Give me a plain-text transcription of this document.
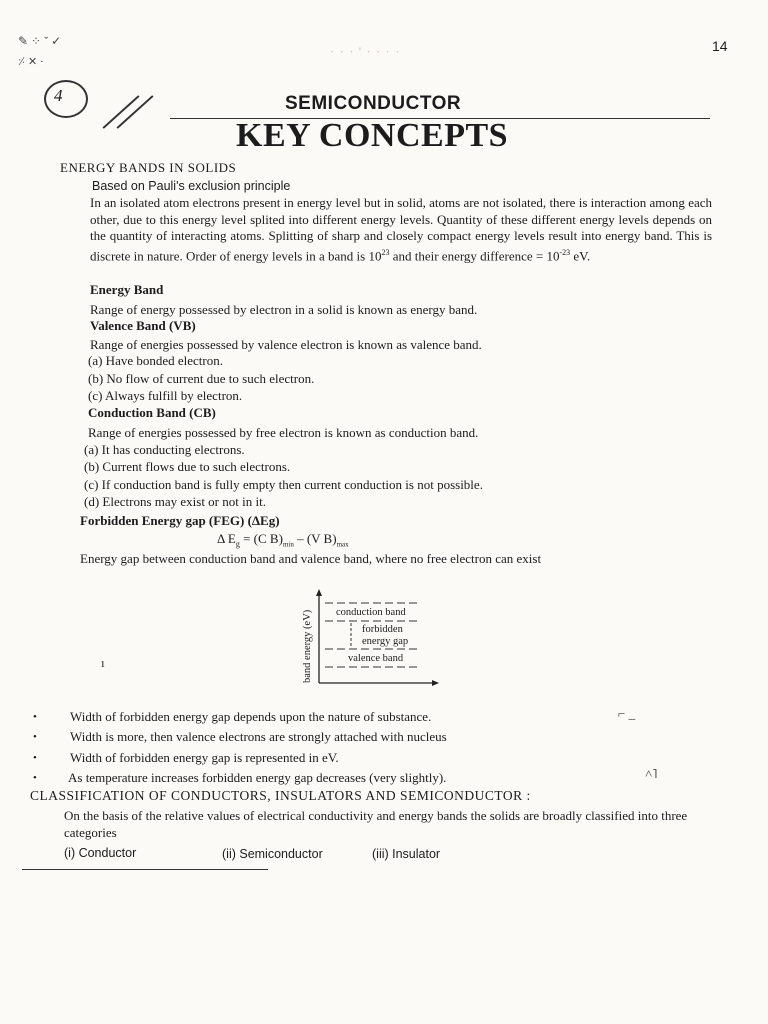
14
✎ ⁘ ˇ ✓
⸓ ✕ ·
4
· · · ' · · · ·
SEMICONDUCTOR
KEY CONCEPTS
ENERGY BANDS IN SOLIDS
Based on Pauli's exclusion principle
In an isolated atom electrons present in energy level but in solid, atoms are not isolated, there is interaction among each other, due to this energy level splited into different energy levels. Quantity of these different energy levels depends on the quantity of interacting atoms. Splitting of sharp and closely compact energy levels result into energy band. This is discrete in nature. Order of energy levels in a band is $10^{23}$ and their energy difference = $10^{-23}$ eV.
Energy Band
Range of energy possessed by electron in a solid is known as energy band.
Valence Band (VB)
Range of energies possessed by valence electron is known as valence band.
(a) Have bonded electron.
(b) No flow of current due to such electron.
(c) Always fulfill by electron.
Conduction Band (CB)
Range of energies possessed by free electron is known as conduction band.
(a) It has conducting electrons.
(b) Current flows due to such electrons.
(c) If conduction band is fully empty then current conduction is not possible.
(d) Electrons may exist or not in it.
Forbidden Energy gap (FEG) (ΔEg)
Δ $E_g = (C$ $B)_{min} - (V$ $B)_{max}$
Energy gap between conduction band and valence band, where no free electron can exist
band energy (eV) conduction band
forbidden
energy gap
valence band
ı
•	Width of forbidden energy gap depends upon the nature of substance.
•	Width is more, then valence electrons are strongly attached with nucleus
•	Width of forbidden energy gap is represented in eV.
• As temperature increases forbidden energy gap decreases (very slightly).
⌐ _
˄˥
CLASSIFICATION OF CONDUCTORS, INSULATORS AND SEMICONDUCTOR :
On the basis of the relative values of electrical conductivity and energy bands the solids are broadly classified into three categories
(i) Conductor	(ii) Semiconductor	(iii) Insulator
